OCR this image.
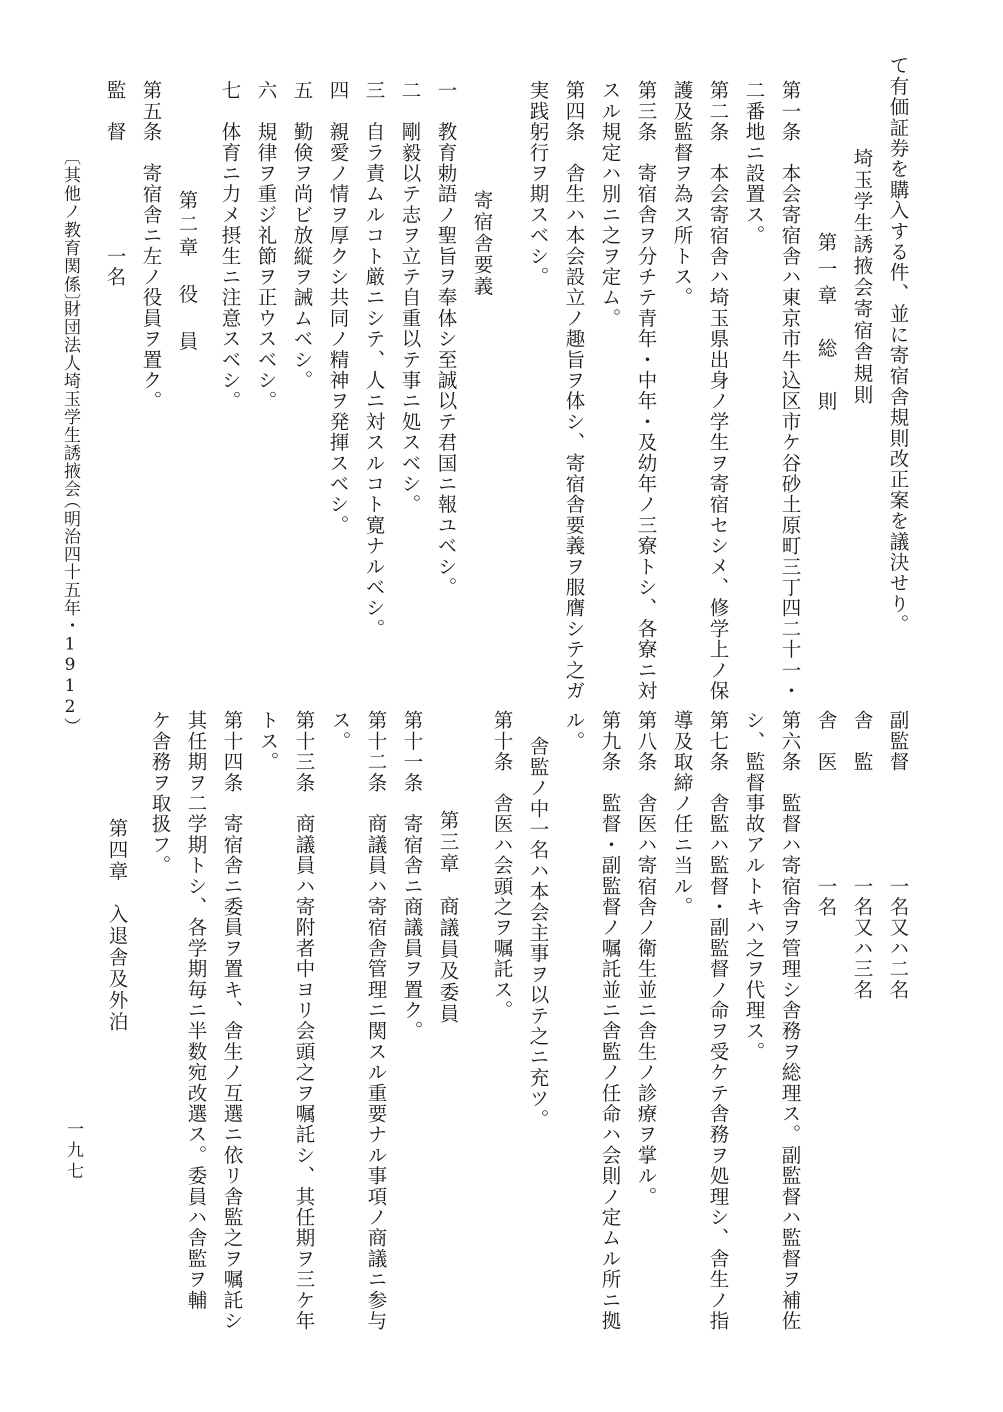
て有価証券を購入する件、並に寄宿舎規則改正案を議決せり。
埼玉学生誘掖会寄宿舎規則
第一章　総　則
第一条　本会寄宿舎ハ東京市牛込区市ケ谷砂土原町三丁四二十一・
二番地ニ設置ス。
第二条　本会寄宿舎ハ埼玉県出身ノ学生ヲ寄宿セシメ、修学上ノ保
護及監督ヲ為ス所トス。
第三条　寄宿舎ヲ分チテ青年・中年・及幼年ノ三寮トシ、各寮ニ対
スル規定ハ別ニ之ヲ定ム。
第四条　舎生ハ本会設立ノ趣旨ヲ体シ、寄宿舎要義ヲ服膺シテ之ガ
実践躬行ヲ期スベシ。
寄宿舎要義
一　教育勅語ノ聖旨ヲ奉体シ至誠以テ君国ニ報ユベシ。
二　剛毅以テ志ヲ立テ自重以テ事ニ処スベシ。
三　自ラ責ムルコト厳ニシテ、人ニ対スルコト寛ナルベシ。
四　親愛ノ情ヲ厚クシ共同ノ精神ヲ発揮スベシ。
五　勤倹ヲ尚ビ放縦ヲ誡ムベシ。
六　規律ヲ重ジ礼節ヲ正ウスベシ。
七　体育ニ力メ摂生ニ注意スベシ。
第二章　役　員
第五条　寄宿舎ニ左ノ役員ヲ置ク。
監　督　　　　　一名
〔其他ノ教育関係〕
財団法人埼玉学生誘掖会
（明治四十五年・1912）
副監督　　　　　一名又ハ二名
舎　監　　　　　一名又ハ三名
舎　医　　　　　一名
第六条　監督ハ寄宿舎ヲ管理シ舎務ヲ総理ス。副監督ハ監督ヲ補佐
シ、監督事故アルトキハ之ヲ代理ス。
第七条　舎監ハ監督・副監督ノ命ヲ受ケテ舎務ヲ処理シ、舎生ノ指
導及取締ノ任ニ当ル。
第八条　舎医ハ寄宿舎ノ衛生並ニ舎生ノ診療ヲ掌ル。
第九条　監督・副監督ノ嘱託並ニ舎監ノ任命ハ会則ノ定ムル所ニ拠
ル。
舎監ノ中一名ハ本会主事ヲ以テ之ニ充ツ。
第十条　舎医ハ会頭之ヲ嘱託ス。
第三章　商議員及委員
第十一条　寄宿舎ニ商議員ヲ置ク。
第十二条　商議員ハ寄宿舎管理ニ関スル重要ナル事項ノ商議ニ参与
ス。
第十三条　商議員ハ寄附者中ヨリ会頭之ヲ嘱託シ、其任期ヲ三ケ年
トス。
第十四条　寄宿舎ニ委員ヲ置キ、舎生ノ互選ニ依リ舎監之ヲ嘱託シ
其任期ヲ二学期トシ、各学期毎ニ半数宛改選ス。委員ハ舎監ヲ輔
ケ舎務ヲ取扱フ。
第四章　入退舎及外泊
一九七
